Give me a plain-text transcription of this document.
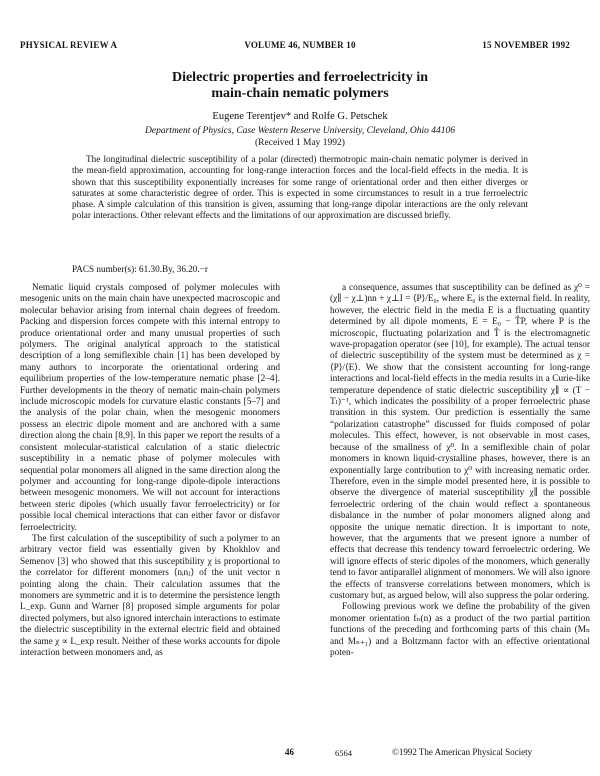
PHYSICAL REVIEW A	VOLUME 46, NUMBER 10	15 NOVEMBER 1992
Dielectric properties and ferroelectricity in
main-chain nematic polymers
Eugene Terentjev* and Rolfe G. Petschek
Department of Physics, Case Western Reserve University, Cleveland, Ohio 44106
(Received 1 May 1992)

The longitudinal dielectric susceptibility of a polar (directed) thermotropic main-chain nematic polymer is derived in the mean-field approximation, accounting for long-range interaction forces and the local-field effects in the media. It is shown that this susceptibility exponentially increases for some range of orientational order and then either diverges or saturates at some characteristic degree of order. This is expected in some circumstances to result in a true ferroelectric phase. A simple calculation of this transition is given, assuming that long-range dipolar interactions are the only relevant polar interactions. Other relevant effects and the limitations of our approximation are discussed briefly.

PACS number(s): 61.30.By, 36.20.−r

Nematic liquid crystals composed of polymer molecules with mesogenic units on the main chain have unexpected macroscopic and molecular behavior arising from internal chain degrees of freedom. Packing and dispersion forces compete with this internal entropy to produce orientational order and many unusual properties of such polymers. The original analytical approach to the statistical description of a long semiflexible chain [1] has been developed by many authors to incorporate the orientational ordering and equilibrium properties of the low-temperature nematic phase [2–4]. Further developments in the theory of nematic main-chain polymers include microscopic models for curvature elastic constants [5–7] and the analysis of the polar chain, when the mesogenic monomers possess an electric dipole moment and are anchored with a same direction along the chain [8,9]. In this paper we report the results of a consistent molecular-statistical calculation of a static dielectric susceptibility in a nematic phase of polymer molecules with sequential polar monomers all aligned in the same direction along the polymer and accounting for long-range dipole-dipole interactions between mesogenic monomers. We will not account for interactions between steric dipoles (which usually favor ferroelectricity) or for possible local chemical interactions that can either favor or disfavor ferroelectricity.

The first calculation of the susceptibility of such a polymer to an arbitrary vector field was essentially given by Khokhlov and Semenov [3] who showed that this susceptibility χ is proportional to the correlator for different monomers ⟨nᵢnⱼ⟩ of the unit vector n pointing along the chain. Their calculation assumes that the monomers are symmetric and it is to determine the persistence length L_exp. Gunn and Warner [8] proposed simple arguments for polar directed polymers, but also ignored interchain interactions to estimate the dielectric susceptibility in the external electric field and obtained the same χ ∝ L_exp result. Neither of these works accounts for dipole interaction between monomers and, as

a consequence, assumes that susceptibility can be defined as χ⁰ = (χ∥ − χ⊥)nn + χ⊥I = ⟨P⟩/E₀, where E₀ is the external field. In reality, however, the electric field in the media E is a fluctuating quantity determined by all dipole moments, E = E₀ − T̂P, where P is the microscopic, fluctuating polarization and T̂ is the electromagnetic wave-propagation operator (see [10], for example). The actual tensor of dielectric susceptibility of the system must be determined as χ = ⟨P⟩/⟨E⟩. We show that the consistent accounting for long-range interactions and local-field effects in the media results in a Curie-like temperature dependence of static dielectric susceptibility χ∥ ∝ (T − Tₗ)⁻¹, which indicates the possibility of a proper ferroelectric phase transition in this system. Our prediction is essentially the same “polarization catastrophe” discussed for fluids composed of polar molecules. This effect, however, is not observable in most cases, because of the smallness of χ⁰. In a semiflexible chain of polar monomers in known liquid-crystalline phases, however, there is an exponentially large contribution to χ⁰ with increasing nematic order. Therefore, even in the simple model presented here, it is possible to observe the divergence of material susceptibility χ∥ the possible ferroelectric ordering of the chain would reflect a spontaneous disbalance in the number of polar monomers aligned along and opposite the unique nematic direction. It is important to note, however, that the arguments that we present ignore a number of effects that decrease this tendency toward ferroelectric ordering. We will ignore effects of steric dipoles of the monomers, which generally tend to favor antiparallel alignment of monomers. We will also ignore the effects of transverse correlations between monomers, which is customary but, as argued below, will also suppress the polar ordering.

Following previous work we define the probability of the given monomer orientation fₙ(n) as a product of the two partial partition functions of the preceding and forthcoming parts of this chain (Mₙ and Mₙ₊₁) and a Boltzmann factor with an effective orientational poten-

46	6564	©1992 The American Physical Society
